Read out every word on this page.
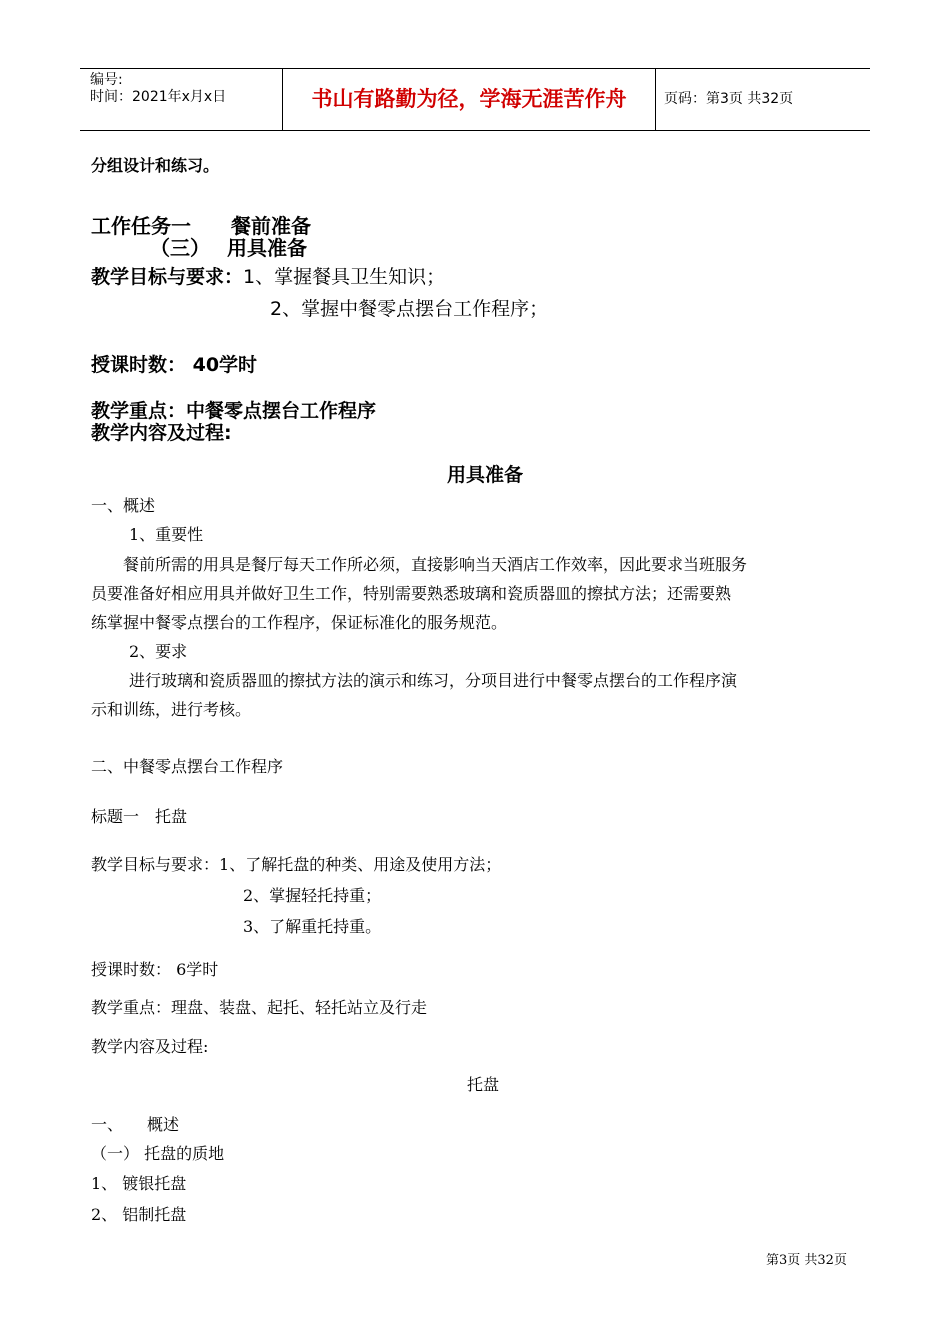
编号:
时间：2021年x月x日	书山有路勤为径，学海无涯苦作舟	页码：第3页 共32页
分组设计和练习。
工作任务一　　餐前准备
（三）　 用具准备
教学目标与要求：1、掌握餐具卫生知识；
2、掌握中餐零点摆台工作程序；
授课时数： 40学时
教学重点：中餐零点摆台工作程序
教学内容及过程:
用具准备
一、概述
1、重要性
餐前所需的用具是餐厅每天工作所必须，直接影响当天酒店工作效率，因此要求当班服务
员要准备好相应用具并做好卫生工作，特别需要熟悉玻璃和瓷质器皿的擦拭方法；还需要熟
练掌握中餐零点摆台的工作程序，保证标准化的服务规范。
2、要求
进行玻璃和瓷质器皿的擦拭方法的演示和练习，分项目进行中餐零点摆台的工作程序演
示和训练，进行考核。
二、中餐零点摆台工作程序
标题一　托盘
教学目标与要求：1、了解托盘的种类、用途及使用方法；
2、掌握轻托持重；
3、了解重托持重。
授课时数： 6学时
教学重点：理盘、装盘、起托、轻托站立及行走
教学内容及过程:
托盘
一、　　概述
（一） 托盘的质地
1、 镀银托盘
2、 铝制托盘
第3页 共32页
